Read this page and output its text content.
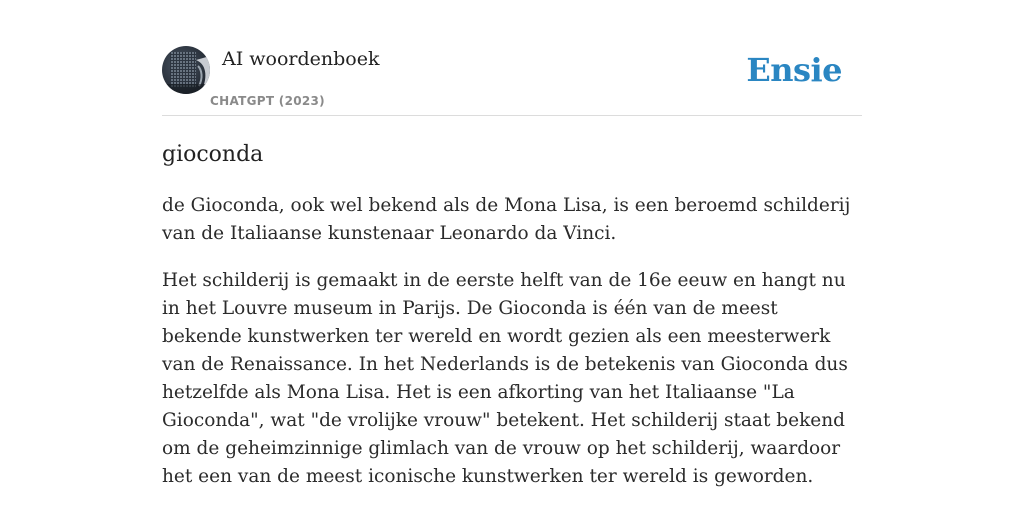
AI woordenboek
CHATGPT (2023)
Ensie
gioconda

de Gioconda, ook wel bekend als de Mona Lisa, is een beroemd schilderij van de Italiaanse kunstenaar Leonardo da Vinci.

Het schilderij is gemaakt in de eerste helft van de 16e eeuw en hangt nu in het Louvre museum in Parijs. De Gioconda is één van de meest bekende kunstwerken ter wereld en wordt gezien als een meesterwerk van de Renaissance. In het Nederlands is de betekenis van Gioconda dus hetzelfde als Mona Lisa. Het is een afkorting van het Italiaanse "La Gioconda", wat "de vrolijke vrouw" betekent. Het schilderij staat bekend om de geheimzinnige glimlach van de vrouw op het schilderij, waardoor het een van de meest iconische kunstwerken ter wereld is geworden.
